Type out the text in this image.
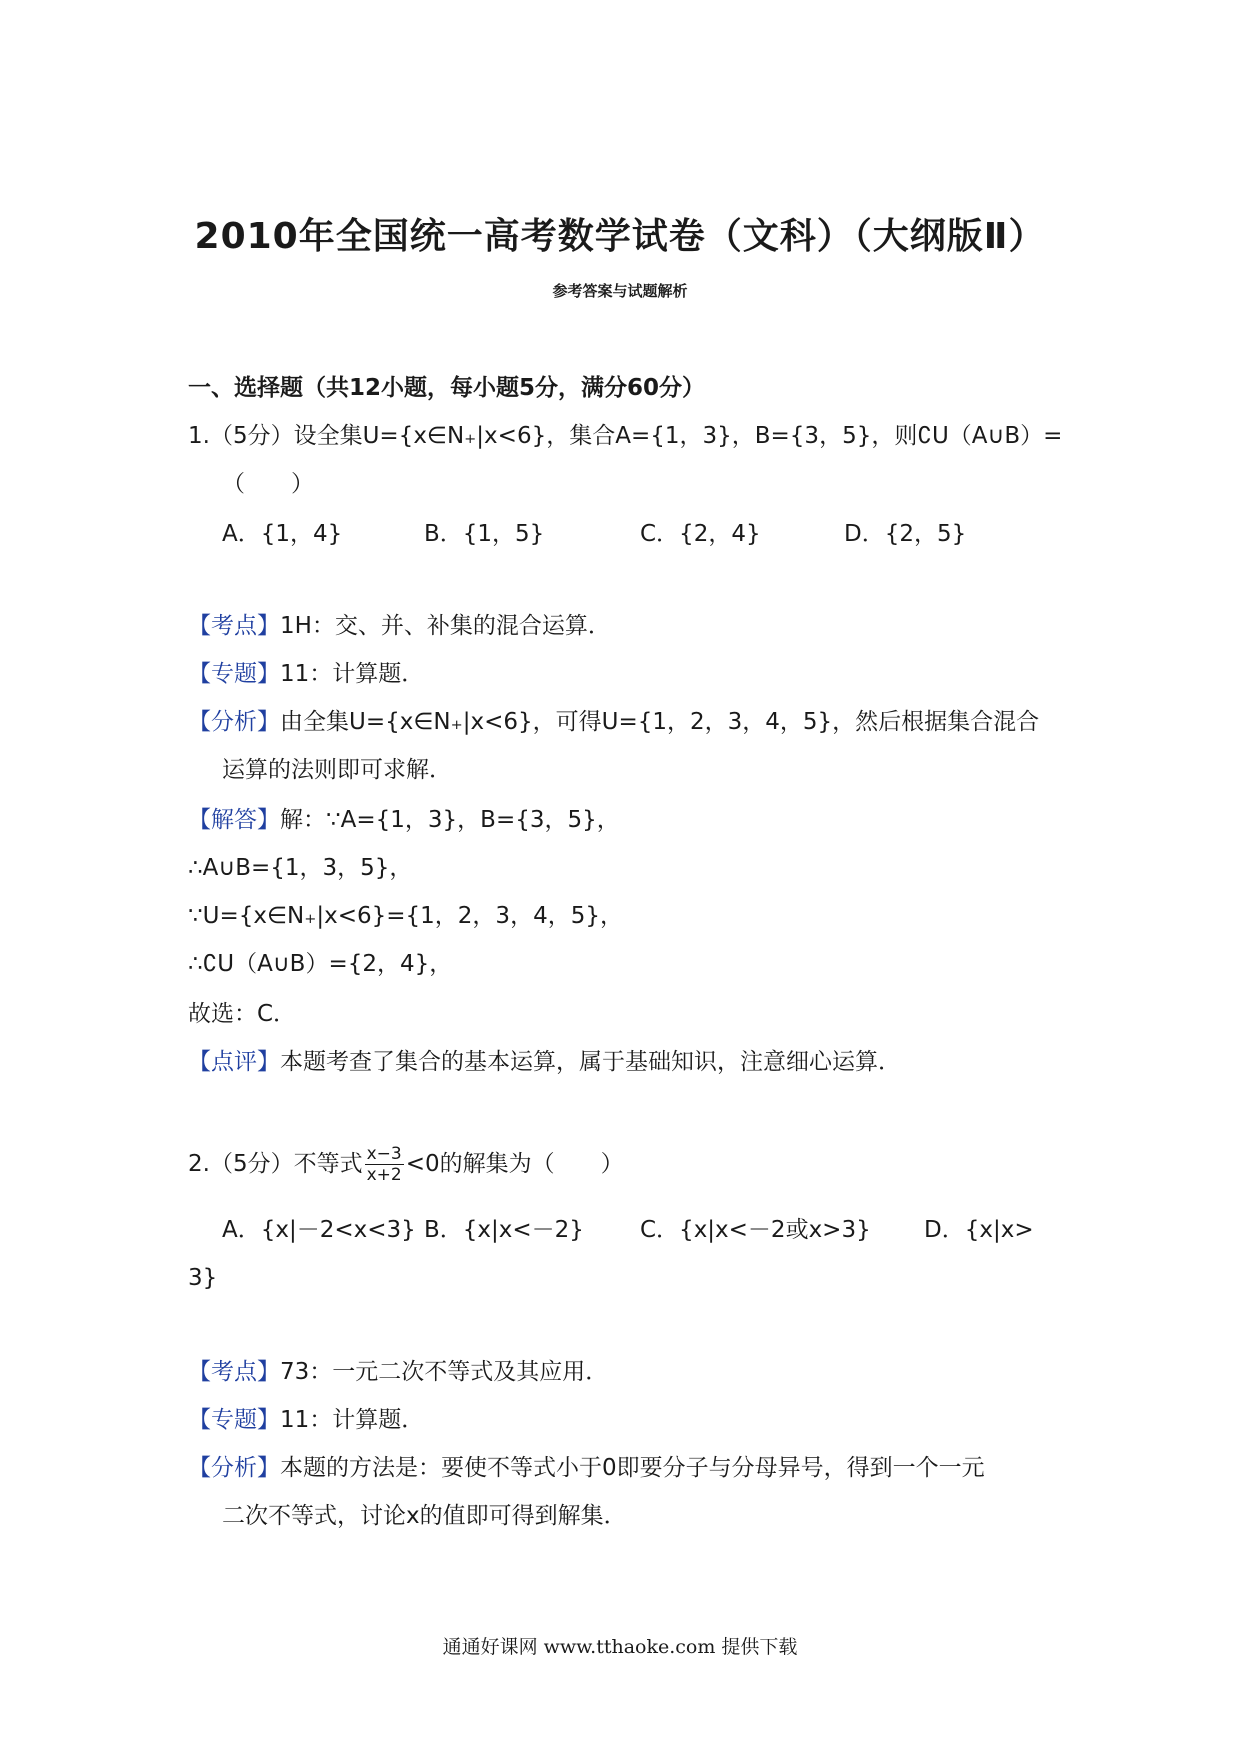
2010年全国统一高考数学试卷（文科）（大纲版Ⅱ）
参考答案与试题解析
一、选择题（共12小题，每小题5分，满分60分）
1.（5分）设全集U={x∈N₊|x<6}，集合A={1，3}，B={3，5}，则∁U（A∪B）=
（　　）
A．{1，4}	B．{1，5}	C．{2，4}	D．{2，5}
【考点】1H：交、并、补集的混合运算．
【专题】11：计算题．
【分析】由全集U={x∈N₊|x<6}，可得U={1，2，3，4，5}，然后根据集合混合
运算的法则即可求解．
【解答】解：∵A={1，3}，B={3，5}，
∴A∪B={1，3，5}，
∵U={x∈N₊|x<6}={1，2，3，4，5}，
∴∁U（A∪B）={2，4}，
故选：C．
【点评】本题考查了集合的基本运算，属于基础知识，注意细心运算．
2.（5分）不等式 $\frac{x-3}{x+2} <0$的解集为（　　）
A．{x|－2<x<3} B．{x|x<－2} C．{x|x<－2或x>3} D．{x|x>
3}
【考点】73：一元二次不等式及其应用．
【专题】11：计算题．
【分析】本题的方法是：要使不等式小于0即要分子与分母异号，得到一个一元
二次不等式，讨论x的值即可得到解集．
通通好课网 www.tthaoke.com 提供下载
